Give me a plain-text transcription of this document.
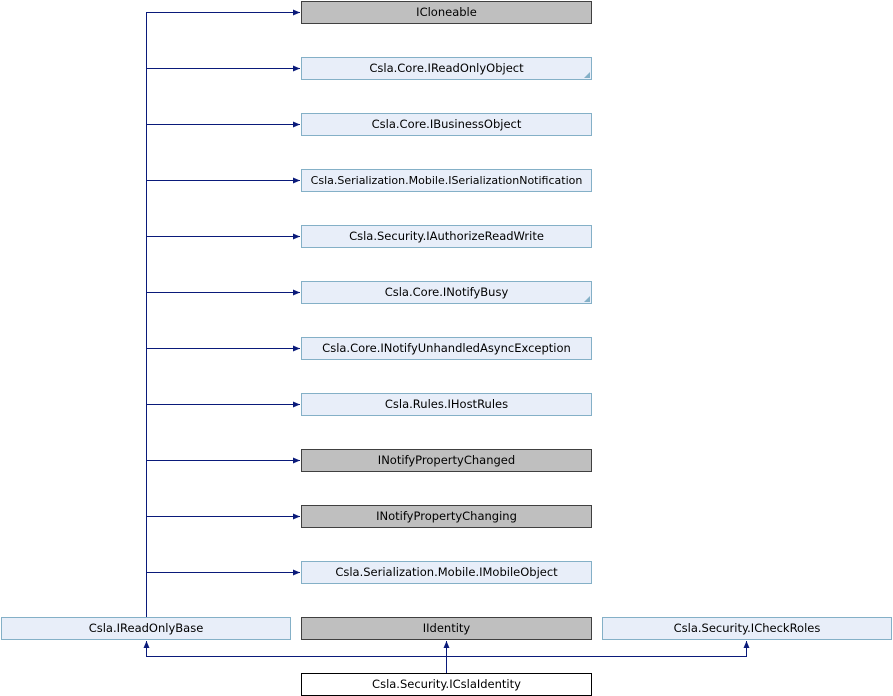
ICloneable
Csla.Core.IReadOnlyObject
Csla.Core.IBusinessObject
Csla.Serialization.Mobile.ISerializationNotification
Csla.Security.IAuthorizeReadWrite
Csla.Core.INotifyBusy
Csla.Core.INotifyUnhandledAsyncException
Csla.Rules.IHostRules
INotifyPropertyChanged
INotifyPropertyChanging
Csla.Serialization.Mobile.IMobileObject
Csla.IReadOnlyBase	IIdentity	Csla.Security.ICheckRoles
Csla.Security.ICslaIdentity
